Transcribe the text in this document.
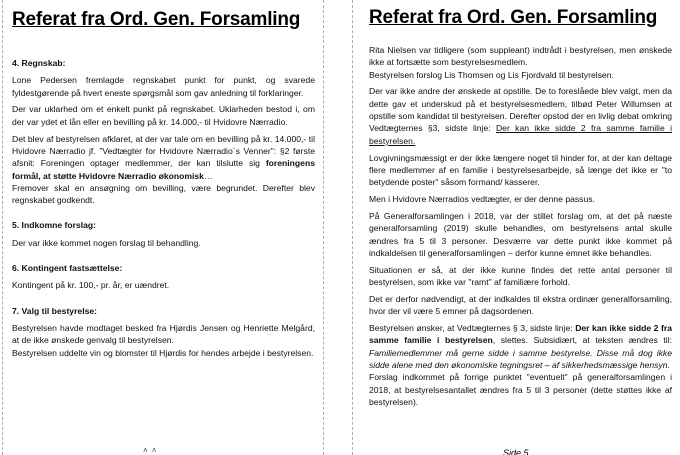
Referat fra Ord. Gen. Forsamling

4. Regnskab:

Lone Pedersen fremlagde regnskabet punkt for punkt, og svarede fyldestgørende på hvert eneste spørgsmål som gav anledning til forklaringer.

Der var uklarhed om et enkelt punkt på regnskabet. Uklarheden bestod i, om der var ydet et lån eller en bevilling på kr. 14.000,- til Hvidovre Nærradio.

Det blev af bestyrelsen afklaret, at der var tale om en bevilling på kr. 14.000,- til Hvidovre Nærradio jf. "Vedtægter for Hvidovre Nærradio´s Venner": §2 første afsnit: Foreningen optager medlemmer, der kan tilslutte sig foreningens formål, at støtte Hvidovre Nærradio økonomisk…

Fremover skal en ansøgning om bevilling, være begrundet. Derefter blev regnskabet godkendt.

5. Indkomne forslag:

Der var ikke kommet nogen forslag til behandling.

6. Kontingent fastsættelse:

Kontingent på kr. 100,- pr. år, er uændret.

7. Valg til bestyrelse:

Bestyrelsen havde modtaget besked fra Hjørdis Jensen og Henriette Melgård, at de ikke ønskede genvalg til bestyrelsen.

Bestyrelsen uddelte vin og blomster til Hjørdis for hendes arbejde i bestyrelsen.

˄ ˄
Referat fra Ord. Gen. Forsamling

Rita Nielsen var tidligere (som suppleant) indtrådt i bestyrelsen, men ønskede ikke at fortsætte som bestyrelsesmedlem.

Bestyrelsen forslog Lis Thomsen og Lis Fjordvald til bestyrelsen.

Der var ikke andre der ønskede at opstille. De to foreslåede blev valgt, men da dette gav et underskud på et bestyrelsesmedlem, tilbød Peter Willumsen at opstille som kandidat til bestyrelsen. Derefter opstod der en livlig debat omkring Vedtægternes §3, sidste linje: Der kan ikke sidde 2 fra samme familie i bestyrelsen.

Lovgivningsmæssigt er der ikke længere noget til hinder for, at der kan deltage flere medlemmer af en familie i bestyrelsesarbejde, så længe det ikke er "to betydende poster" såsom formand/ kasserer.

Men i Hvidovre Nærradios vedtægter, er der denne passus.

På Generalforsamlingen i 2018, var der stillet forslag om, at det på næste generalforsamling (2019) skulle behandles, om bestyrelsens antal skulle ændres fra 5 til 3 personer. Desværre var dette punkt ikke kommet på indkaldelsen til generalforsamlingen – derfor kunne emnet ikke behandles.

Situationen er så, at der ikke kunne findes det rette antal personer til bestyrelsen, som ikke var "ramt" af familiære forhold.

Det er derfor nødvendigt, at der indkaldes til ekstra ordinær generalforsamling, hvor der vil være 5 emner på dagsordenen.

Bestyrelsen ønsker, at Vedtægternes § 3, sidste linje: Der kan ikke sidde 2 fra samme familie i bestyrelsen, slettes. Subsidiært, at teksten ændres til: Familiemedlemmer må gerne sidde i samme bestyrelse. Disse må dog ikke sidde alene med den økonomiske tegningsret – af sikkerhedsmæssige hensyn.

Forslag indkommet på forrige punktet "eventuelt" på generalforsamlingen i 2018, at bestyrelsesantallet ændres fra 5 til 3 personer (dette støttes ikke af bestyrelsen).

Side 5
